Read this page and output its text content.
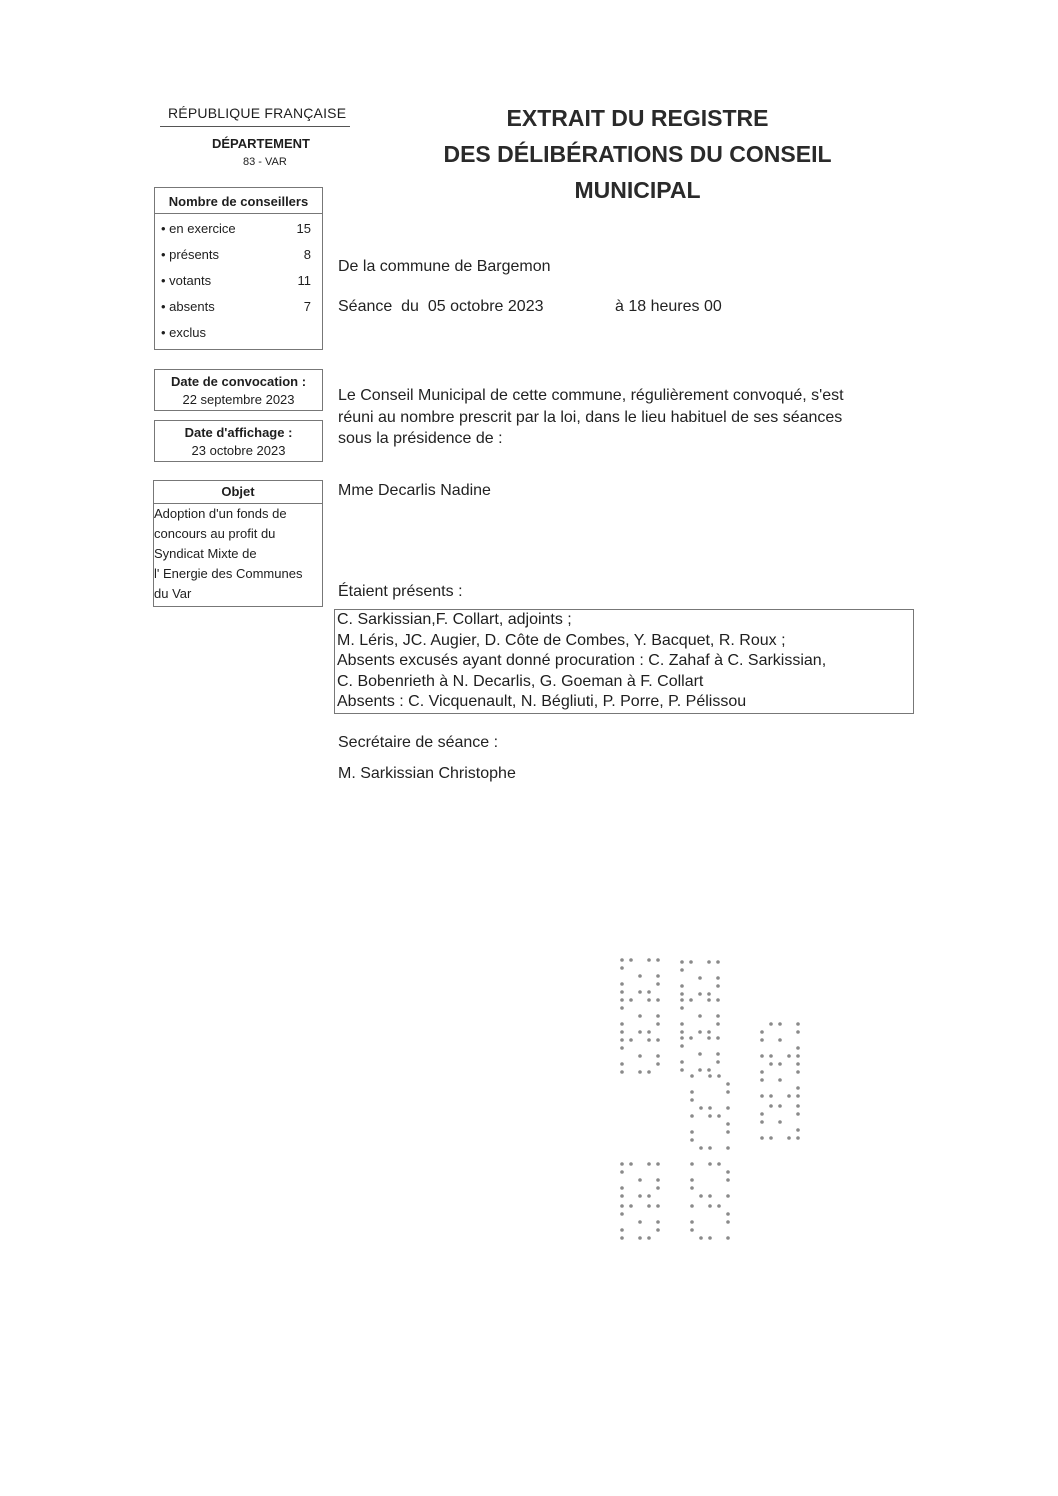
RÉPUBLIQUE FRANÇAISE
DÉPARTEMENT
83 - VAR
EXTRAIT DU REGISTRE
DES DÉLIBÉRATIONS DU CONSEIL
MUNICIPAL
Nombre de conseillers
• en exercice	15
• présents	8
• votants	11
• absents	7
• exclus
Date de convocation :
22 septembre 2023
Date d'affichage :
23 octobre 2023
Objet
Adoption d'un fonds de
concours au profit du
Syndicat Mixte de
l' Energie des Communes
du Var
De la commune de Bargemon
Séance  du  05 octobre 2023	à 18 heures 00
Le Conseil Municipal de cette commune, régulièrement convoqué, s'est
réuni au nombre prescrit par la loi, dans le lieu habituel de ses séances
sous la présidence de :
Mme Decarlis Nadine
Étaient présents :
C. Sarkissian,F. Collart, adjoints ;
M. Léris, JC. Augier, D. Côte de Combes, Y. Bacquet, R. Roux ;
Absents excusés ayant donné procuration : C. Zahaf à C. Sarkissian,
C. Bobenrieth à N. Decarlis, G. Goeman à F. Collart
Absents : C. Vicquenault, N. Bégliuti, P. Porre, P. Pélissou
Secrétaire de séance :
M. Sarkissian Christophe
